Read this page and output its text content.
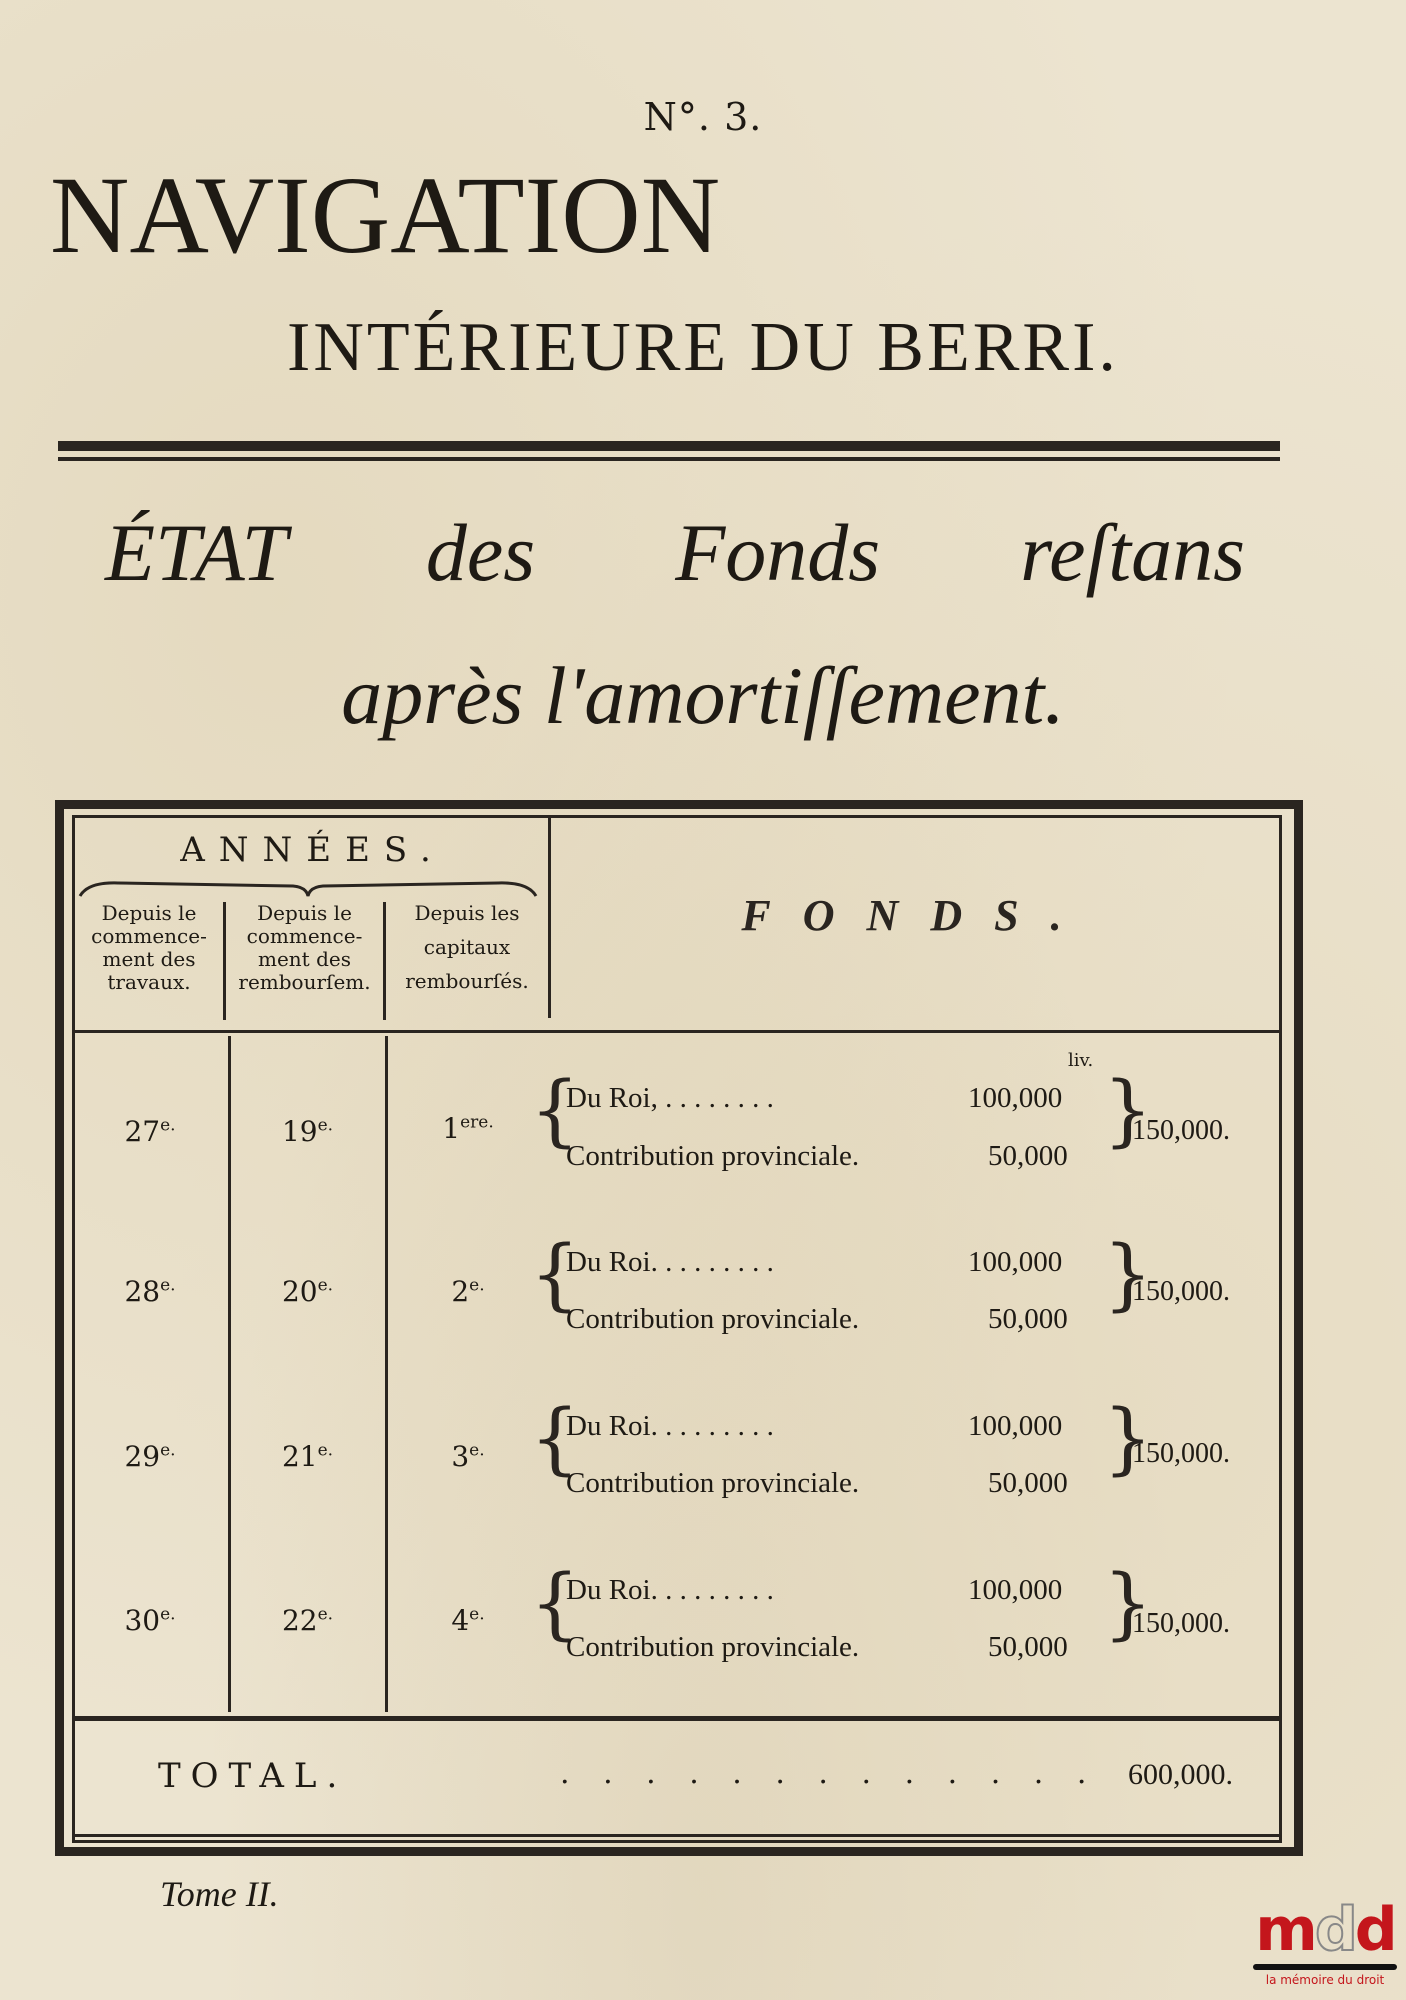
N°. 3.
NAVIGATION
INTÉRIEURE DU BERRI.
ÉTAT des Fonds reſtans
après l'amortiſſement.
ANNÉES.
Depuis le
commence-
ment des
travaux.
Depuis le
commence-
ment des
rembourſem.
Depuis les
capitaux
rembourſés.
FONDS.
liv.
$27^{e.}$	$19^{e.}$	$1^{ere.}$ {
Du Roi, . . . . . . . .	100,000
Contribution provinciale.	50,000 }
150,000.
$28^{e.}$	$20^{e.}$	$2^{e.}$ {
Du Roi. . . . . . . . .	100,000
Contribution provinciale.	50,000 }
150,000.
$29^{e.}$	$21^{e.}$	$3^{e.}$ {
Du Roi. . . . . . . . .	100,000
Contribution provinciale.	50,000 }
150,000.
$30^{e.}$	$22^{e.}$	$4^{e.}$ {
Du Roi. . . . . . . . .	100,000
Contribution provinciale.	50,000 }
150,000.
TOTAL.	. . . . . . . . . . . . . 600,000.
Tome II.
mdd
la mémoire du droit
